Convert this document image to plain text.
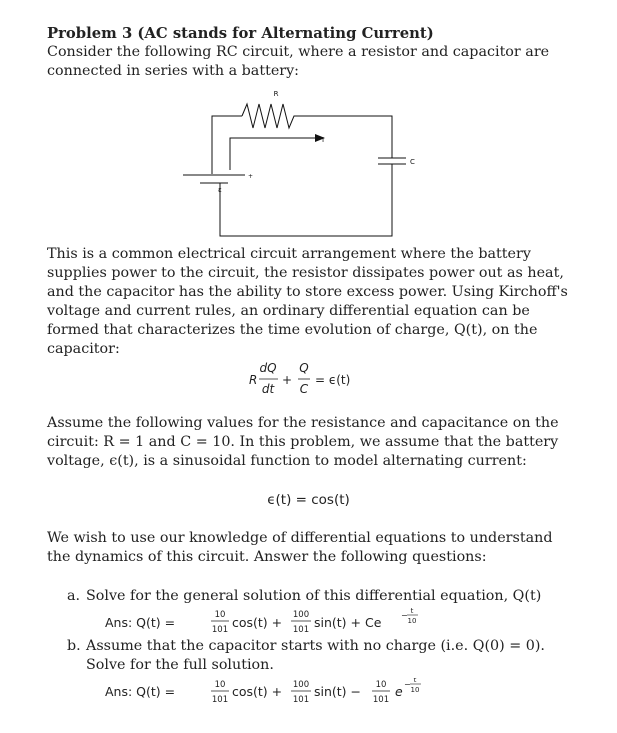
Problem 3 (AC stands for Alternating Current)

Consider the following RC circuit, where a resistor and capacitor are connected in series with a battery:

R
I
C
ε
+

This is a common electrical circuit arrangement where the battery supplies power to the circuit, the resistor dissipates power out as heat, and the capacitor has the ability to store excess power. Using Kirchoff's voltage and current rules, an ordinary differential equation can be formed that characterizes the time evolution of charge, Q(t), on the capacitor:

R
dQ
dt
+
Q
C
= ϵ(t)

Assume the following values for the resistance and capacitance on the circuit: R = 1 and C = 10. In this problem, we assume that the battery voltage, ϵ(t), is a sinusoidal function to model alternating current:

ϵ(t) = cos(t)

We wish to use our knowledge of differential equations to understand the dynamics of this circuit. Answer the following questions:

a. Solve for the general solution of this differential equation, Q(t)
Ans: Q(t) =	10
101 cos(t) + 100
101 sin(t) + Ce − t
10
b. Assume that the capacitor starts with no charge (i.e. Q(0) = 0). Solve for the full solution.
Ans: Q(t) =	10
101
cos(t) + 100
101
sin(t) − 10
101
e − t
10
